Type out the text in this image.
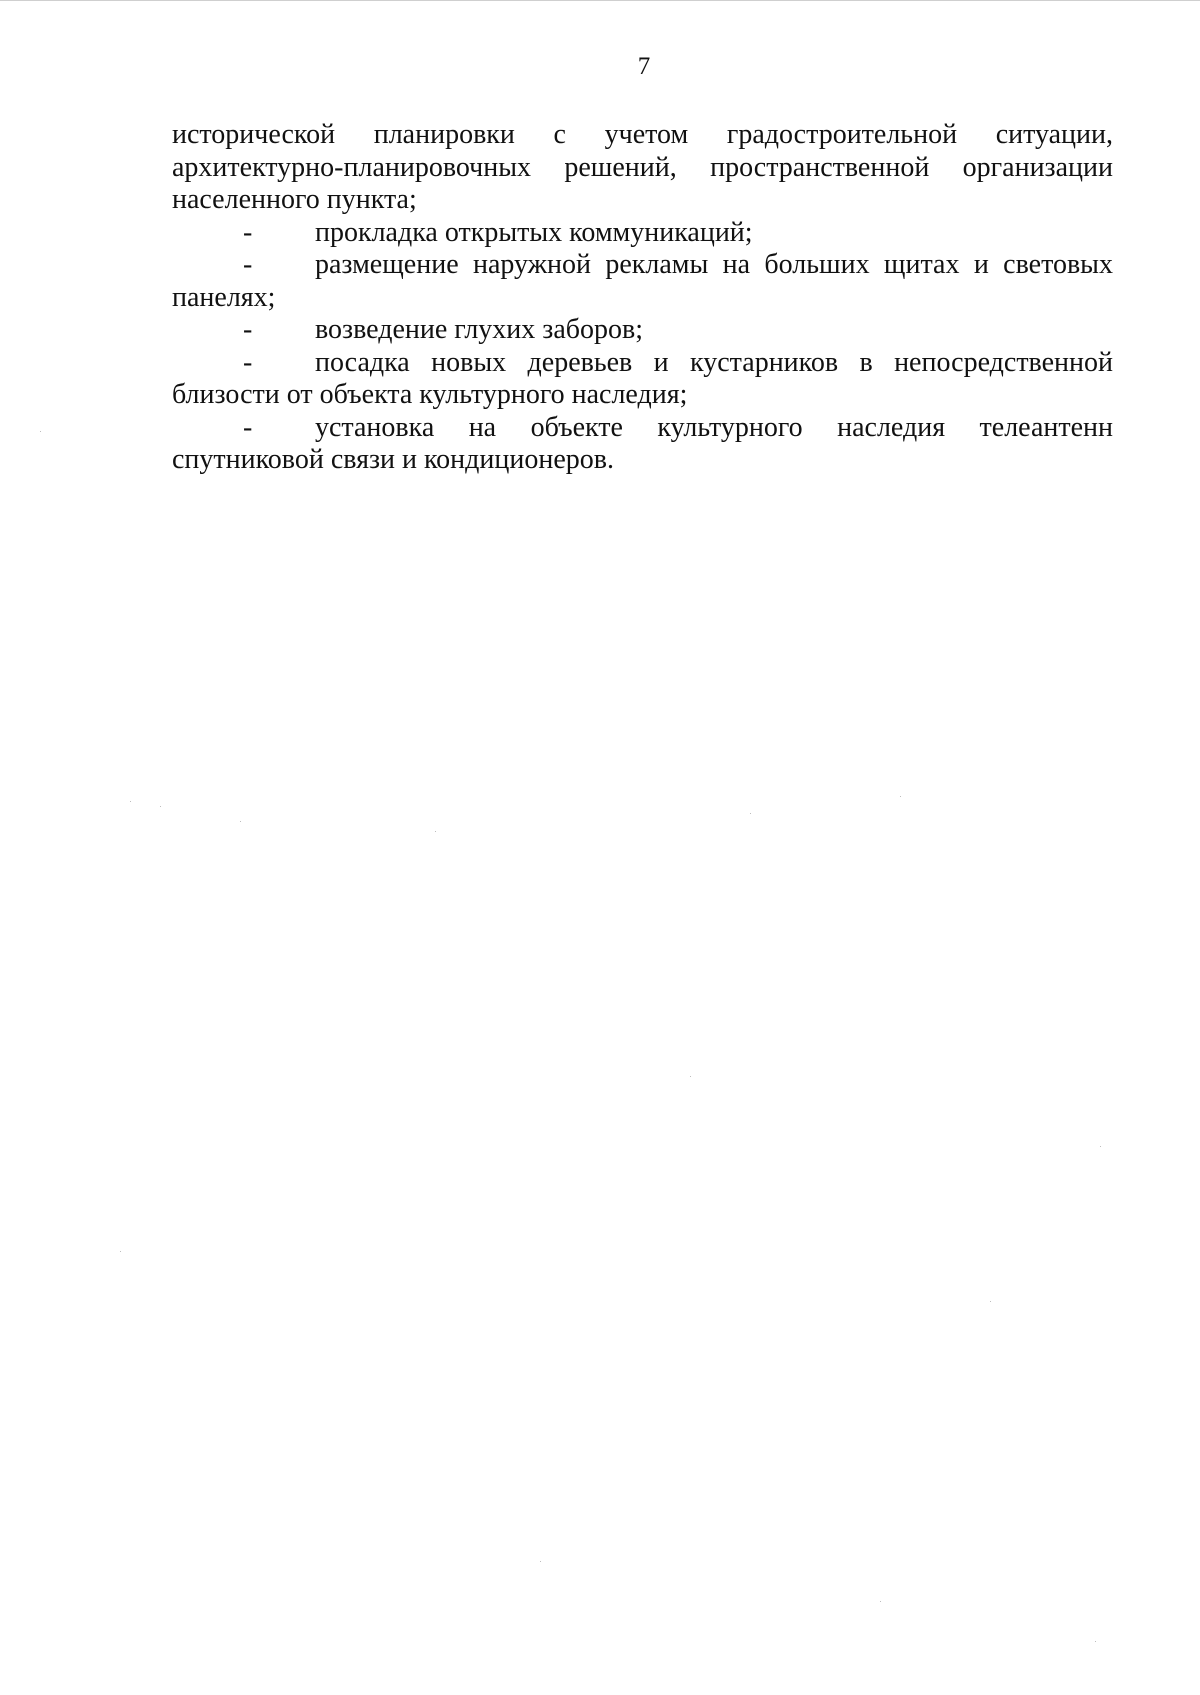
7

исторической планировки с учетом градостроительной ситуации, архитектурно-планировочных решений, пространственной организации населенного пункта;

- прокладка открытых коммуникаций;

- размещение наружной рекламы на больших щитах и световых панелях;

- возведение глухих заборов;

- посадка новых деревьев и кустарников в непосредственной близости от объекта культурного наследия;

- установка на объекте культурного наследия телеантенн спутниковой связи и кондиционеров.
